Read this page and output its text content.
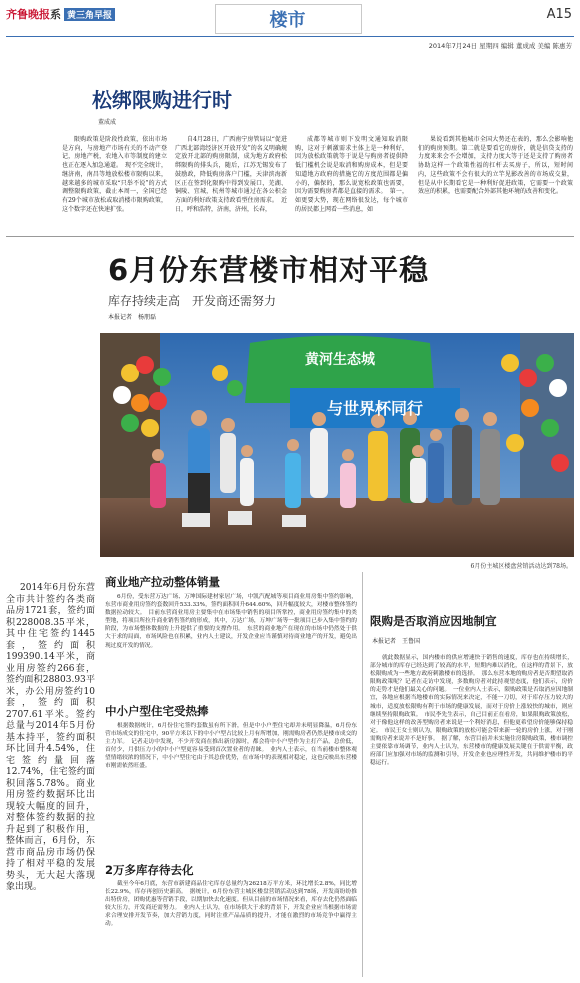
齐鲁晚报系 黄三角早报	楼市	A15
2014年7月24日 星期四 编辑 董成成 美编 陈惠芳
松绑限购进行时
董成成

限购政策是阶段性政策，依出市场是方向，与房地产市场有关的不动产登记，房地产税，农地入市等制度的建立也正在逐入加急通道。　现不完全统计，继济南，南昌等地放松楼市限购以来，越来越多的城市采取“只举不说”的方式调整限购政策，截止本周一，全国已经有29个城市放松或取消楼市限购政策，这个数字还在快速扩张。

自4月28日，广西南宁房管局以“促进广西北部湾经济区开放开发”的名义明确规定放开北部的购房限制，成为地方政府松绑限购的排头兵，随后，江苏无锡发布了鼓励政，降低购房落户门槛，天津滨海新区正在签到化限购中得到发展口，芜湖、铜陵、宜城，杭州等城市通过在各公积金方面的利好政策支持政看型住房需求。　近日，呼和浩特，济南，济州，长春，

成都等城市则下发明文通知取消限购，这对于刺激需求主体上是一种利好，因为放松政策就等于说是与购房者提供降低门槛机会说是取消和购房成本，但是要知道地方政府的措施它的方度范围都是偏小的，偏保的，那么说宽松政策也需要，因为需要购房者都是直接的需求。　第一，如更要大势，现在网络很发达，每个城市的居民都上网看一些消息，如

果说看到其他城市全国大势还在表的，那么会影响他们的购房预期。第二就是要看它的房价，就是信贷支持的力度来来会不会增加，支持力度大等于还是支持了购房者协助这样一个政策性福的扛杆去买房子，所以，短时间内，这些政策不会有很大的立竿见影改善的市场成交量，但是从中长期看它是一种利好促进政策，它需要一个政策效应的积累，也需要配合外部其他环境的改善和变化。

6月份东营楼市相对平稳
库存持续走高　开发商还需努力
本报记者　杨朋磊
黄河生态城
与世界杯同行
6月份主城区楼盘营销活动达到78场。

2014年6月份东营全市共计签约各类商品房1721套，签约面积228008.35平米，其中住宅签约1445套，签约面积199390.14平米，商业用房签约266套，签约面积28803.93平米，办公用房签约10套，签约面积2707.61平米。签约总量与2014年5月份基本持平，签约面积环比回升4.54%，住宅签约量回落12.74%，住宅签约面积回落5.78%。商业用房签约数据环比出现较大幅度的回升，对整体签约数据的拉升起到了积极作用，整体而言，6月份，东营市商品房市场仍保持了相对平稳的发展势头，无大起大落现象出现。

商业地产拉动整体销量

6月份，受东营万达广场、万坤国际建材家居广场，中凯汽配城等项目商业用房集中签约影响，东营市商业用房签约套数回升533.33%，签约面积回升644.60%，回升幅度较大，对楼市整体签约数据拉动较大。　目前东营商业用房主要集中在市场集中销售的项目所掌控，商业用房签约集中的类型地，将项目所拉升商业销售签约的形成，其中，万达广场，万坤广场等一批项目已步入集中签约的阶段，为市场整体数据的上升提供了重要的支撑作用。　东营的商业地产在现在的市场中仍然处于供大于求的局面，市场风险也在积累，业内人士建议，开发企业应当谨慎对待商业地产的开发，避免出现过度开发的情况。

中小户型住宅受热捧

根据数据统计，6月份住宅签约套数虽有所下滑，但是中小户型住宅却并未明显降温，6月份东营市场成交的住宅中，90平方米以下的中小户型占比较上月有所增加，刚需购房者仍然是楼市成交的主力军。　记者走访中发现，不少开发商在推出新房源时，都会将中小户型作为主打产品，总价低，首付少，月供压力小的中小户型更容易受到首次置业者的青睐。　业内人士表示，在当前楼市整体观望情绪较浓的情况下，中小户型住宅由于其总价优势，在市场中的表现相对稳定，这也反映出东营楼市刚需依然旺盛。

2万多库存待去化

截至今年6月底，东营市新建商品住宅库存总量约为26218万平方米，环比增长2.8%，同比增长22.9%，库存再创历史新高。　据统计，6月份东营主城区楼盘营销活动达到78场，开发商纷纷推出特价房，团购优惠等营销手段，以期加快去化速度。但从目前的市场情况来看，库存去化仍然面临较大压力，开发商还需努力。　业内人士认为，在市场供大于求的背景下，开发企业应当根据市场需求合理安排开发节奏，加大营销力度，同时注重产品品质的提升，才能在激烈的市场竞争中赢得主动。

限购是否取消应因地制宜
本报记者　王鲁国

就此数据显示，国内楼市的供应增速快于销售的速度，库存也在持续增长，部分城市的库存已经达到了较高的水平，短期内难以消化，在这样的背景下，放松限购成为一些地方政府刺激楼市的选择。　那么东营本地的购房者是否期望取消限购政策呢？记者在走访中发现，多数购房者对此持观望态度，他们表示，房价的走势才是他们最关心的问题。　一位业内人士表示，限购政策是否取消应因地制宜，各地应根据当地楼市的实际情况来决定，不能一刀切，对于库存压力较大的城市，适度放松限购有利于市场的健康发展，而对于房价上涨较快的城市，则应继续坚持限购政策。　市民李先生表示，自己目前正在看房，如果限购政策放松，对于像他这样的改善型购房者来说是一个利好消息，但他更希望房价能够保持稳定。　市民王女士则认为，限购政策的放松可能会带来新一轮的房价上涨，对于刚需购房者来说并不是好事。　据了解，东营目前并未实施住房限购政策，楼市调控主要依靠市场调节，业内人士认为，东营楼市的健康发展关键在于供需平衡，政府部门应加强对市场的监测和引导，开发企业也应理性开发，共同维护楼市的平稳运行。
